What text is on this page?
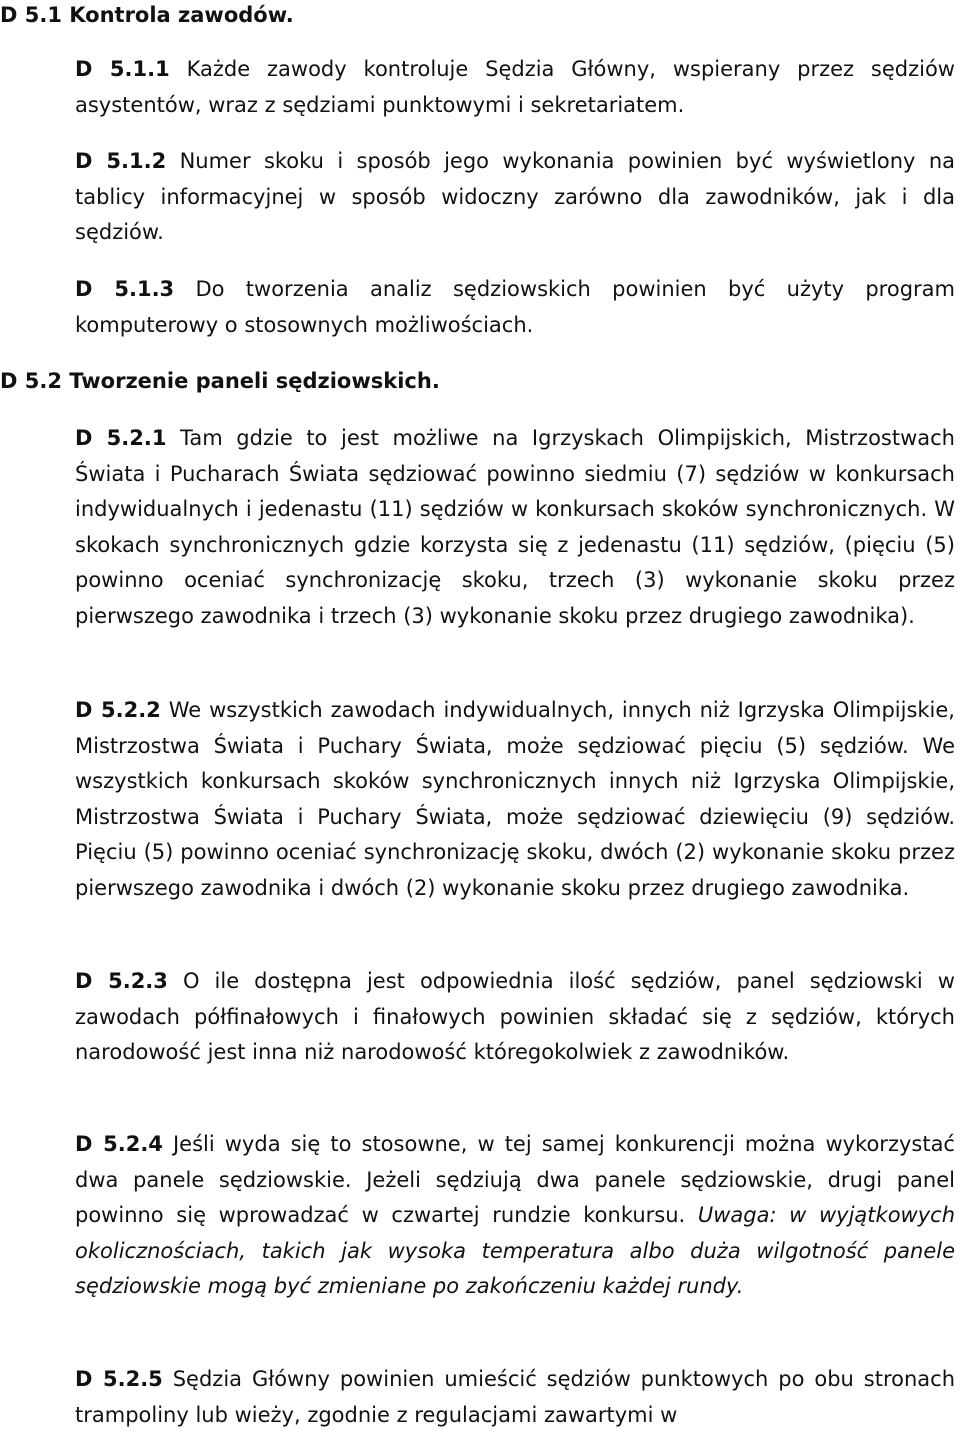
D 5.1 Kontrola zawodów.
D 5.1.1 Każde zawody kontroluje Sędzia Główny, wspierany przez sędziów asystentów, wraz z sędziami punktowymi i sekretariatem.
D 5.1.2 Numer skoku i sposób jego wykonania powinien być wyświetlony na tablicy informacyjnej w sposób widoczny zarówno dla zawodników, jak i dla sędziów.
D 5.1.3 Do tworzenia analiz sędziowskich powinien być użyty program komputerowy o stosownych możliwościach.
D 5.2 Tworzenie paneli sędziowskich.
D 5.2.1 Tam gdzie to jest możliwe na Igrzyskach Olimpijskich, Mistrzostwach Świata i Pucharach Świata sędziować powinno siedmiu (7) sędziów w konkursach indywidualnych i jedenastu (11) sędziów w konkursach skoków synchronicznych. W skokach synchronicznych gdzie korzysta się z jedenastu (11) sędziów, (pięciu (5) powinno oceniać synchronizację skoku, trzech (3) wykonanie skoku przez pierwszego zawodnika i trzech (3) wykonanie skoku przez drugiego zawodnika).
D 5.2.2 We wszystkich zawodach indywidualnych, innych niż Igrzyska Olimpijskie, Mistrzostwa Świata i Puchary Świata, może sędziować pięciu (5) sędziów. We wszystkich konkursach skoków synchronicznych innych niż Igrzyska Olimpijskie, Mistrzostwa Świata i Puchary Świata, może sędziować dziewięciu (9) sędziów. Pięciu (5) powinno oceniać synchronizację skoku, dwóch (2) wykonanie skoku przez pierwszego zawodnika i dwóch (2) wykonanie skoku przez drugiego zawodnika.
D 5.2.3 O ile dostępna jest odpowiednia ilość sędziów, panel sędziowski w zawodach półfinałowych i finałowych powinien składać się z sędziów, których narodowość jest inna niż narodowość któregokolwiek z zawodników.
D 5.2.4 Jeśli wyda się to stosowne, w tej samej konkurencji można wykorzystać dwa panele sędziowskie. Jeżeli sędziują dwa panele sędziowskie, drugi panel powinno się wprowadzać w czwartej rundzie konkursu. Uwaga: w wyjątkowych okolicznościach, takich jak wysoka temperatura albo duża wilgotność panele sędziowskie mogą być zmieniane po zakończeniu każdej rundy.
D 5.2.5 Sędzia Główny powinien umieścić sędziów punktowych po obu stronach trampoliny lub wieży, zgodnie z regulacjami zawartymi w
